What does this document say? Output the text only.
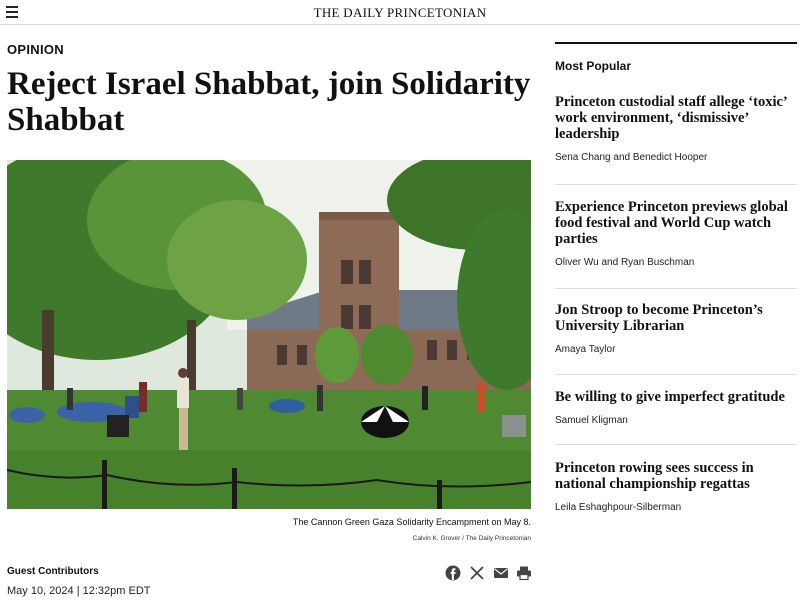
THE DAILY PRINCETONIAN
OPINION
Reject Israel Shabbat, join Solidarity Shabbat
The Cannon Green Gaza Solidarity Encampment on May 8.
Calvin K. Grover / The Daily Princetonian
Guest Contributors
May 10, 2024 | 12:32pm EDT
Most Popular
Princeton custodial staff allege ‘toxic’ work environment, ‘dismissive’ leadership
Sena Chang and Benedict Hooper
Experience Princeton previews global food festival and World Cup watch parties
Oliver Wu and Ryan Buschman
Jon Stroop to become Princeton’s University Librarian
Amaya Taylor
Be willing to give imperfect gratitude
Samuel Kligman
Princeton rowing sees success in national championship regattas
Leila Eshaghpour-Silberman
